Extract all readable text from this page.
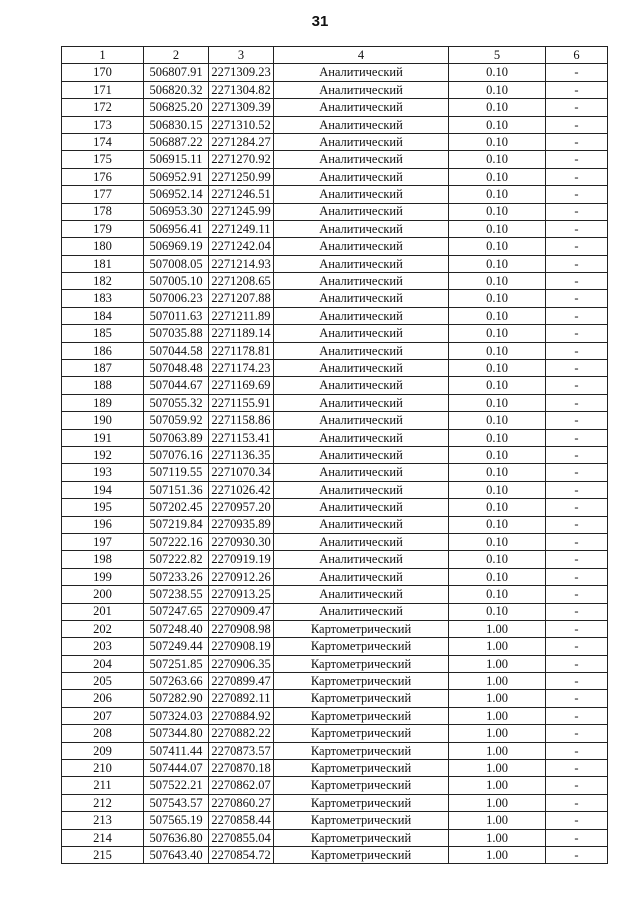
31
1	2	3	4	5	6
170	506807.91	2271309.23	Аналитический	0.10	-
171	506820.32	2271304.82	Аналитический	0.10	-
172	506825.20	2271309.39	Аналитический	0.10	-
173	506830.15	2271310.52	Аналитический	0.10	-
174	506887.22	2271284.27	Аналитический	0.10	-
175	506915.11	2271270.92	Аналитический	0.10	-
176	506952.91	2271250.99	Аналитический	0.10	-
177	506952.14	2271246.51	Аналитический	0.10	-
178	506953.30	2271245.99	Аналитический	0.10	-
179	506956.41	2271249.11	Аналитический	0.10	-
180	506969.19	2271242.04	Аналитический	0.10	-
181	507008.05	2271214.93	Аналитический	0.10	-
182	507005.10	2271208.65	Аналитический	0.10	-
183	507006.23	2271207.88	Аналитический	0.10	-
184	507011.63	2271211.89	Аналитический	0.10	-
185	507035.88	2271189.14	Аналитический	0.10	-
186	507044.58	2271178.81	Аналитический	0.10	-
187	507048.48	2271174.23	Аналитический	0.10	-
188	507044.67	2271169.69	Аналитический	0.10	-
189	507055.32	2271155.91	Аналитический	0.10	-
190	507059.92	2271158.86	Аналитический	0.10	-
191	507063.89	2271153.41	Аналитический	0.10	-
192	507076.16	2271136.35	Аналитический	0.10	-
193	507119.55	2271070.34	Аналитический	0.10	-
194	507151.36	2271026.42	Аналитический	0.10	-
195	507202.45	2270957.20	Аналитический	0.10	-
196	507219.84	2270935.89	Аналитический	0.10	-
197	507222.16	2270930.30	Аналитический	0.10	-
198	507222.82	2270919.19	Аналитический	0.10	-
199	507233.26	2270912.26	Аналитический	0.10	-
200	507238.55	2270913.25	Аналитический	0.10	-
201	507247.65	2270909.47	Аналитический	0.10	-
202	507248.40	2270908.98	Картометрический	1.00	-
203	507249.44	2270908.19	Картометрический	1.00	-
204	507251.85	2270906.35	Картометрический	1.00	-
205	507263.66	2270899.47	Картометрический	1.00	-
206	507282.90	2270892.11	Картометрический	1.00	-
207	507324.03	2270884.92	Картометрический	1.00	-
208	507344.80	2270882.22	Картометрический	1.00	-
209	507411.44	2270873.57	Картометрический	1.00	-
210	507444.07	2270870.18	Картометрический	1.00	-
211	507522.21	2270862.07	Картометрический	1.00	-
212	507543.57	2270860.27	Картометрический	1.00	-
213	507565.19	2270858.44	Картометрический	1.00	-
214	507636.80	2270855.04	Картометрический	1.00	-
215	507643.40	2270854.72	Картометрический	1.00	-
